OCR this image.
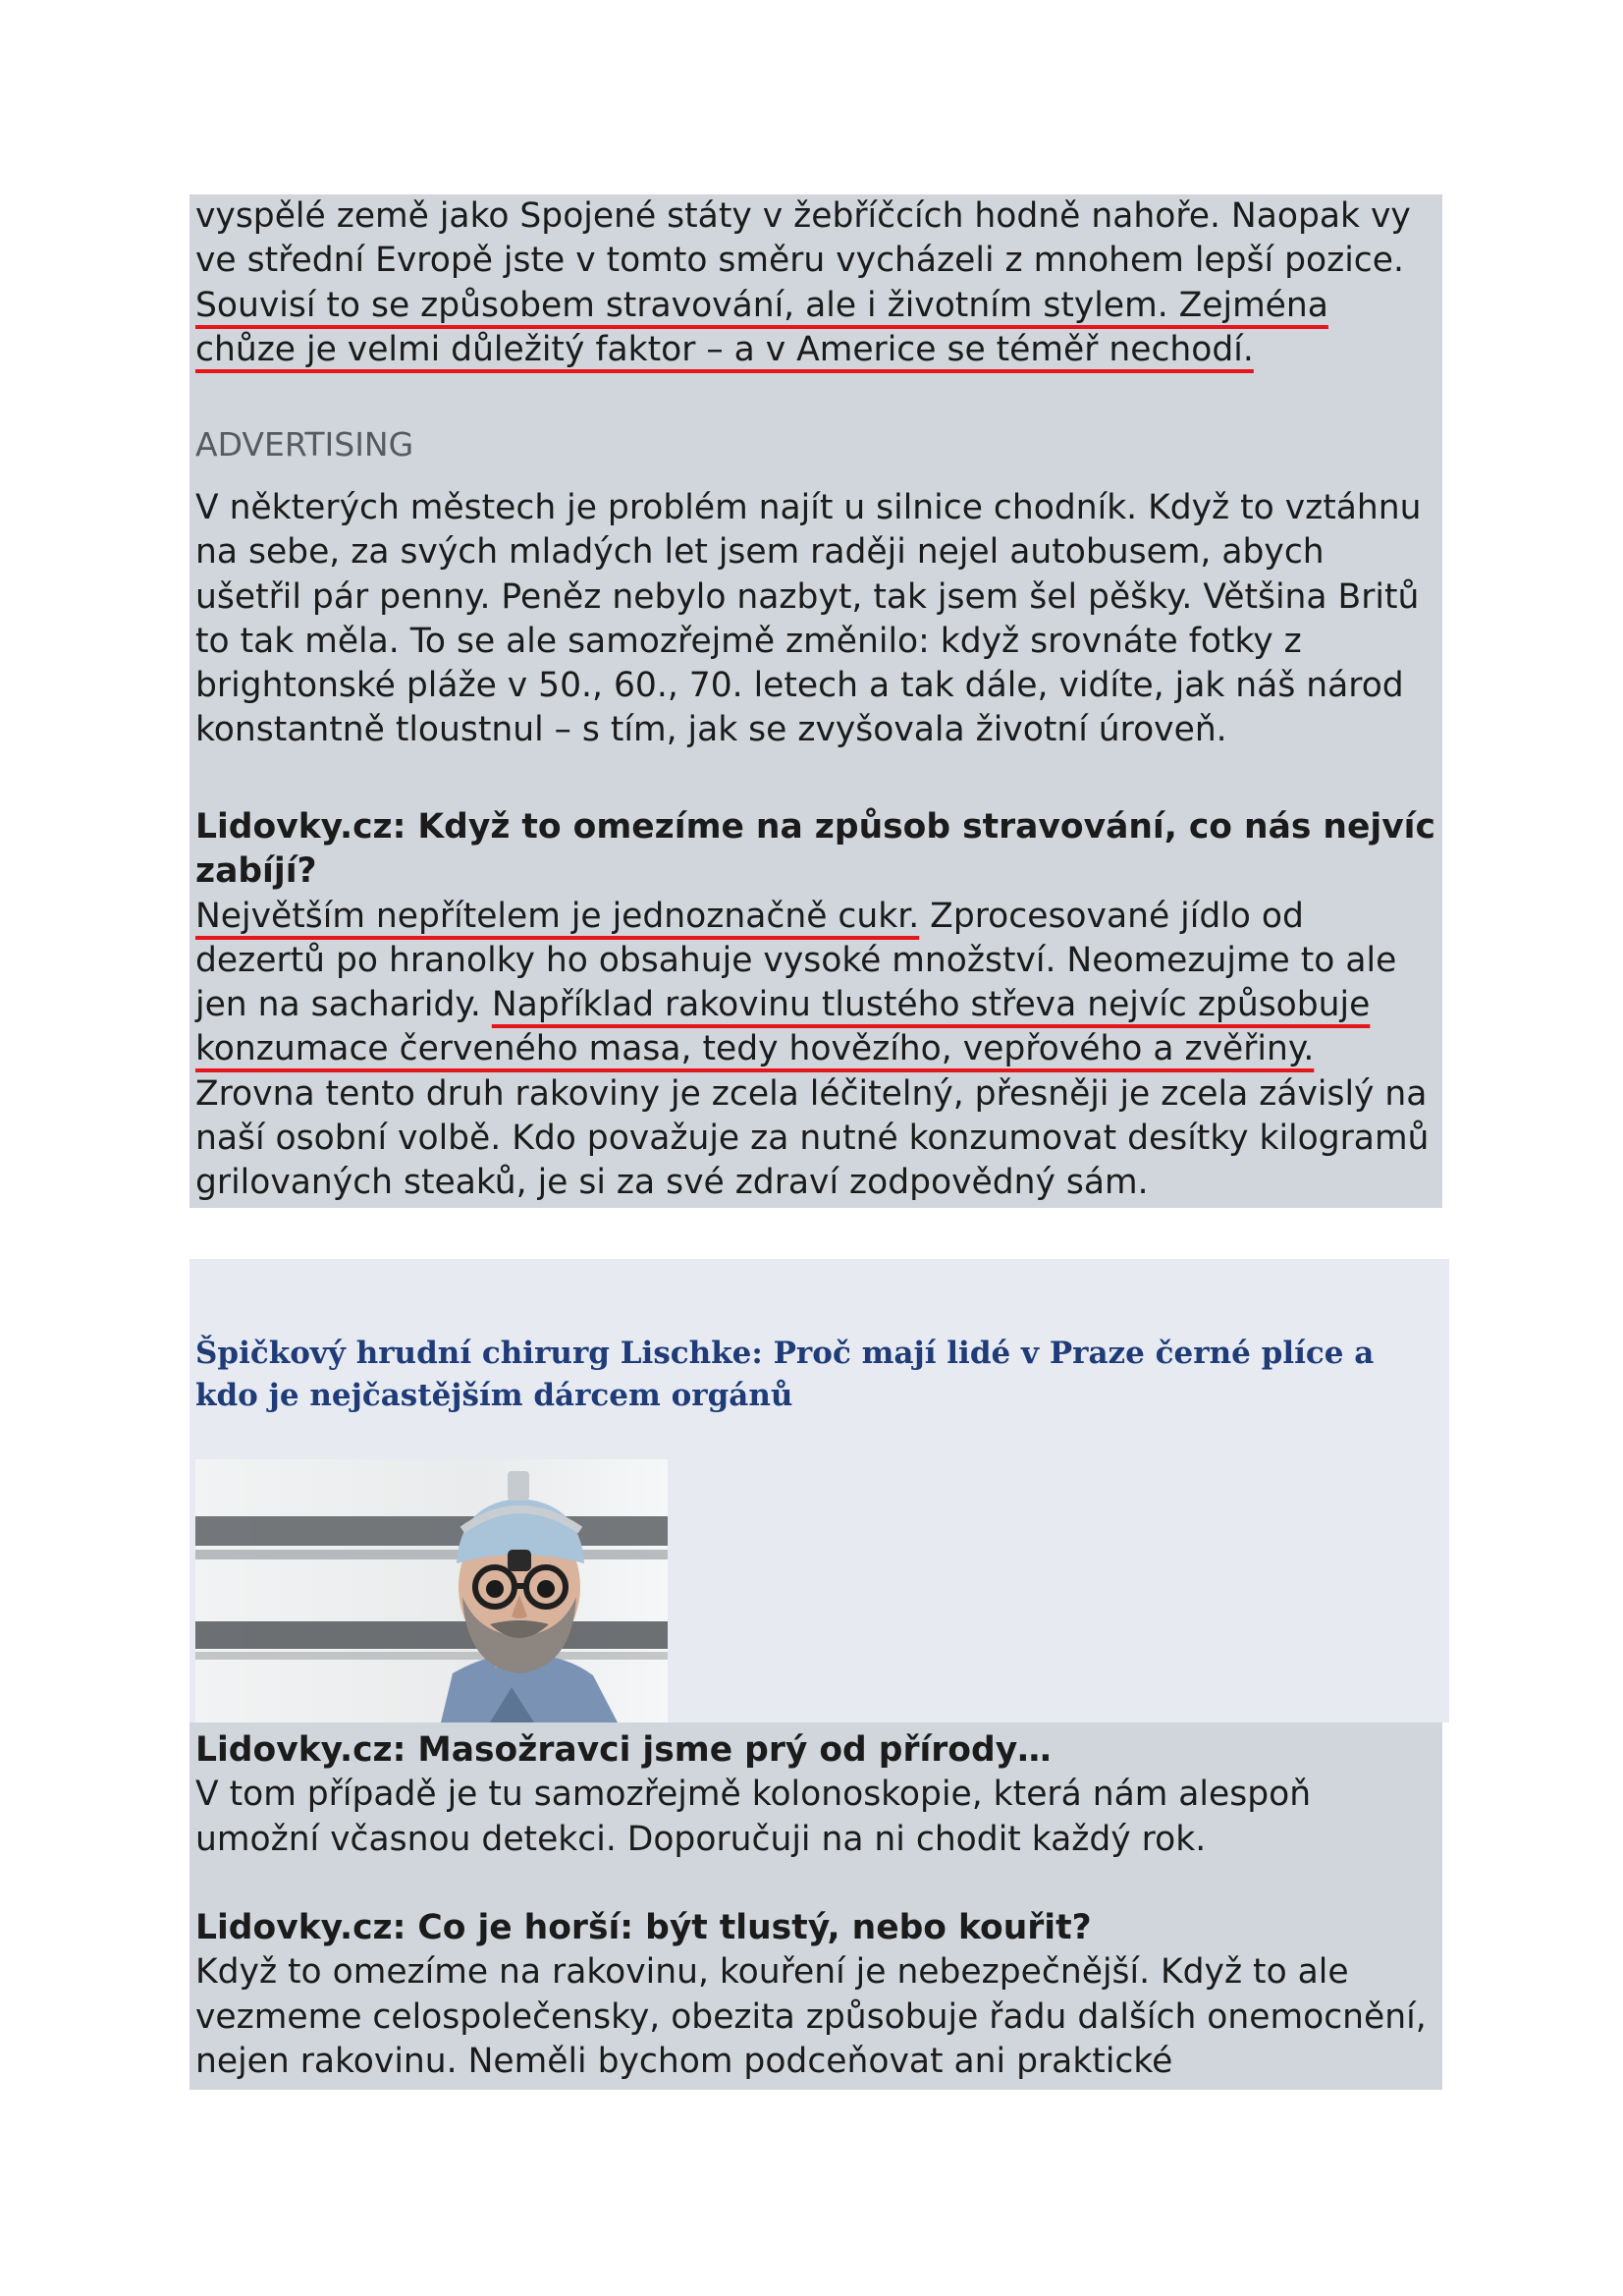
vyspělé země jako Spojené státy v žebříčcích hodně nahoře. Naopak vy ve střední Evropě jste v tomto směru vycházeli z mnohem lepší pozice. Souvisí to se způsobem stravování, ale i životním stylem. Zejména chůze je velmi důležitý faktor – a v Americe se téměř nechodí.

ADVERTISING

V některých městech je problém najít u silnice chodník. Když to vztáhnu na sebe, za svých mladých let jsem raději nejel autobusem, abych ušetřil pár penny. Peněz nebylo nazbyt, tak jsem šel pěšky. Většina Britů to tak měla. To se ale samozřejmě změnilo: když srovnáte fotky z brightonské pláže v 50., 60., 70. letech a tak dále, vidíte, jak náš národ konstantně tloustnul – s tím, jak se zvyšovala životní úroveň.

Lidovky.cz: Když to omezíme na způsob stravování, co nás nejvíc zabíjí?

Největším nepřítelem je jednoznačně cukr. Zprocesované jídlo od dezertů po hranolky ho obsahuje vysoké množství. Neomezujme to ale jen na sacharidy. Například rakovinu tlustého střeva nejvíc způsobuje konzumace červeného masa, tedy hovězího, vepřového a zvěřiny. Zrovna tento druh rakoviny je zcela léčitelný, přesněji je zcela závislý na naší osobní volbě. Kdo považuje za nutné konzumovat desítky kilogramů grilovaných steaků, je si za své zdraví zodpovědný sám.

Špičkový hrudní chirurg Lischke: Proč mají lidé v Praze černé plíce a kdo je nejčastějším dárcem orgánů

Lidovky.cz: Masožravci jsme prý od přírody…

V tom případě je tu samozřejmě kolonoskopie, která nám alespoň umožní včasnou detekci. Doporučuji na ni chodit každý rok.

Lidovky.cz: Co je horší: být tlustý, nebo kouřit?

Když to omezíme na rakovinu, kouření je nebezpečnější. Když to ale vezmeme celospolečensky, obezita způsobuje řadu dalších onemocnění, nejen rakovinu. Neměli bychom podceňovat ani praktické
